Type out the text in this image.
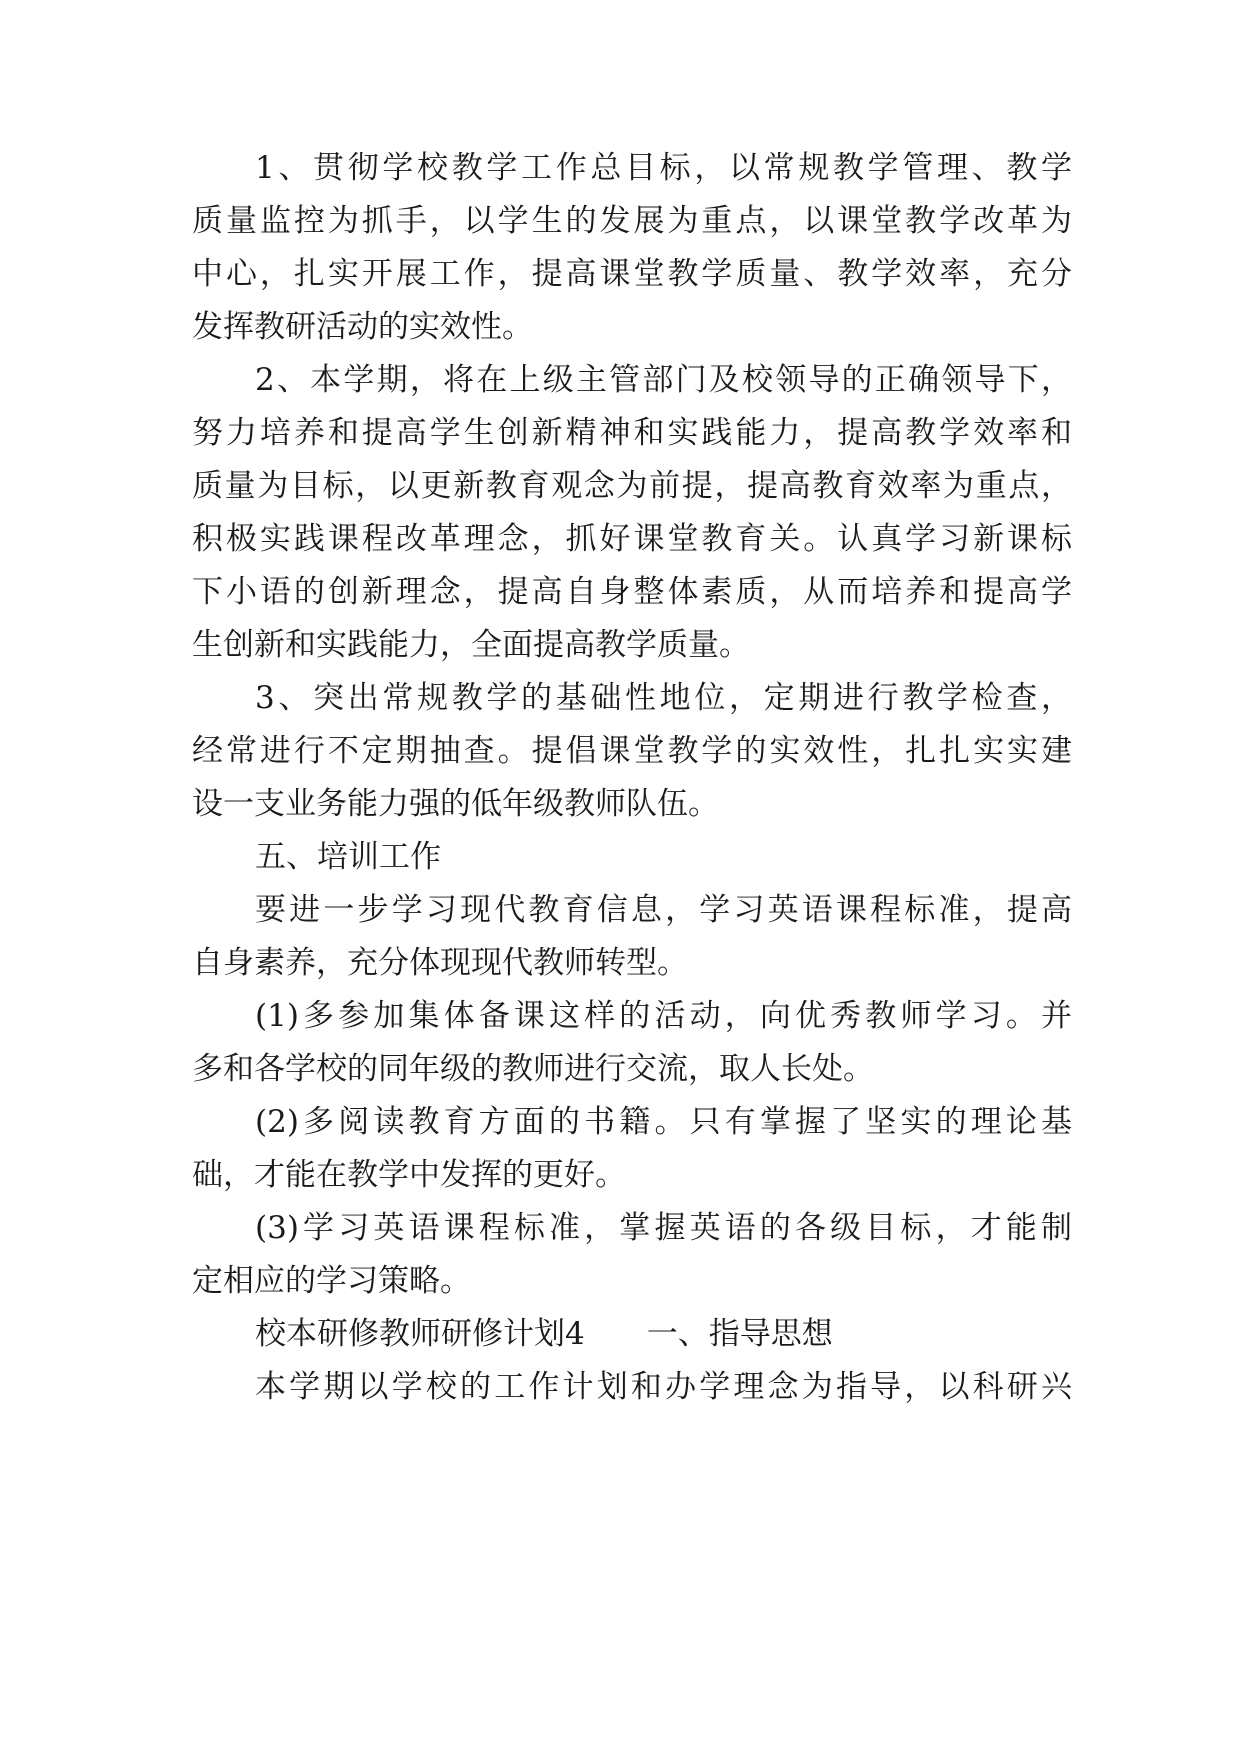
1、贯彻学校教学工作总目标，以常规教学管理、教学
质量监控为抓手，以学生的发展为重点，以课堂教学改革为
中心，扎实开展工作，提高课堂教学质量、教学效率，充分
发挥教研活动的实效性。
2、本学期，将在上级主管部门及校领导的正确领导下，
努力培养和提高学生创新精神和实践能力，提高教学效率和
质量为目标，以更新教育观念为前提，提高教育效率为重点，
积极实践课程改革理念，抓好课堂教育关。认真学习新课标
下小语的创新理念，提高自身整体素质，从而培养和提高学
生创新和实践能力，全面提高教学质量。
3、突出常规教学的基础性地位，定期进行教学检查，
经常进行不定期抽查。提倡课堂教学的实效性，扎扎实实建
设一支业务能力强的低年级教师队伍。
五、培训工作
要进一步学习现代教育信息，学习英语课程标准，提高
自身素养，充分体现现代教师转型。
(1)多参加集体备课这样的活动，向优秀教师学习。并
多和各学校的同年级的教师进行交流，取人长处。
(2)多阅读教育方面的书籍。只有掌握了坚实的理论基
础，才能在教学中发挥的更好。
(3)学习英语课程标准，掌握英语的各级目标，才能制
定相应的学习策略。
校本研修教师研修计划4　　一、指导思想
本学期以学校的工作计划和办学理念为指导，以科研兴
